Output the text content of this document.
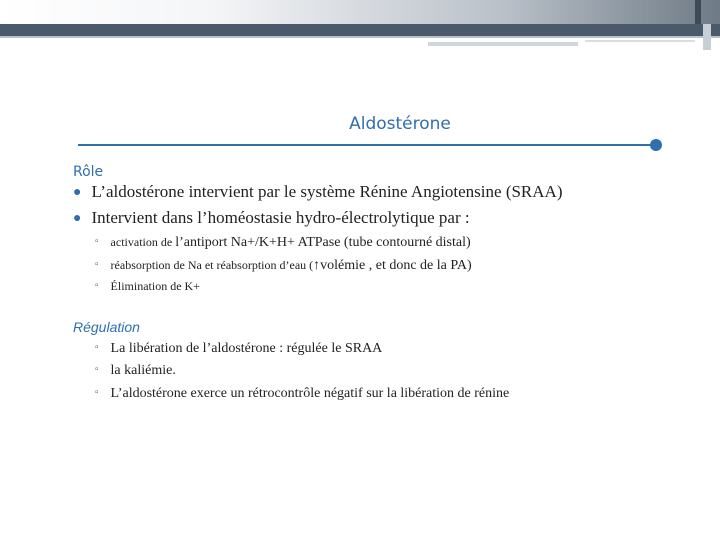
Aldostérone
Rôle
● L’aldostérone intervient par le système Rénine Angiotensine (SRAA)
● Intervient dans l’homéostasie hydro-électrolytique par :
▫ activation de l’antiport Na+/K+H+ ATPase (tube contourné distal)
▫ réabsorption de Na et réabsorption d’eau (↑volémie , et donc de la PA)
▫ Élimination de K+
Régulation
▫ La libération de l’aldostérone : régulée le SRAA
▫ la kaliémie.
▫ L’aldostérone exerce un rétrocontrôle négatif sur la libération de rénine
